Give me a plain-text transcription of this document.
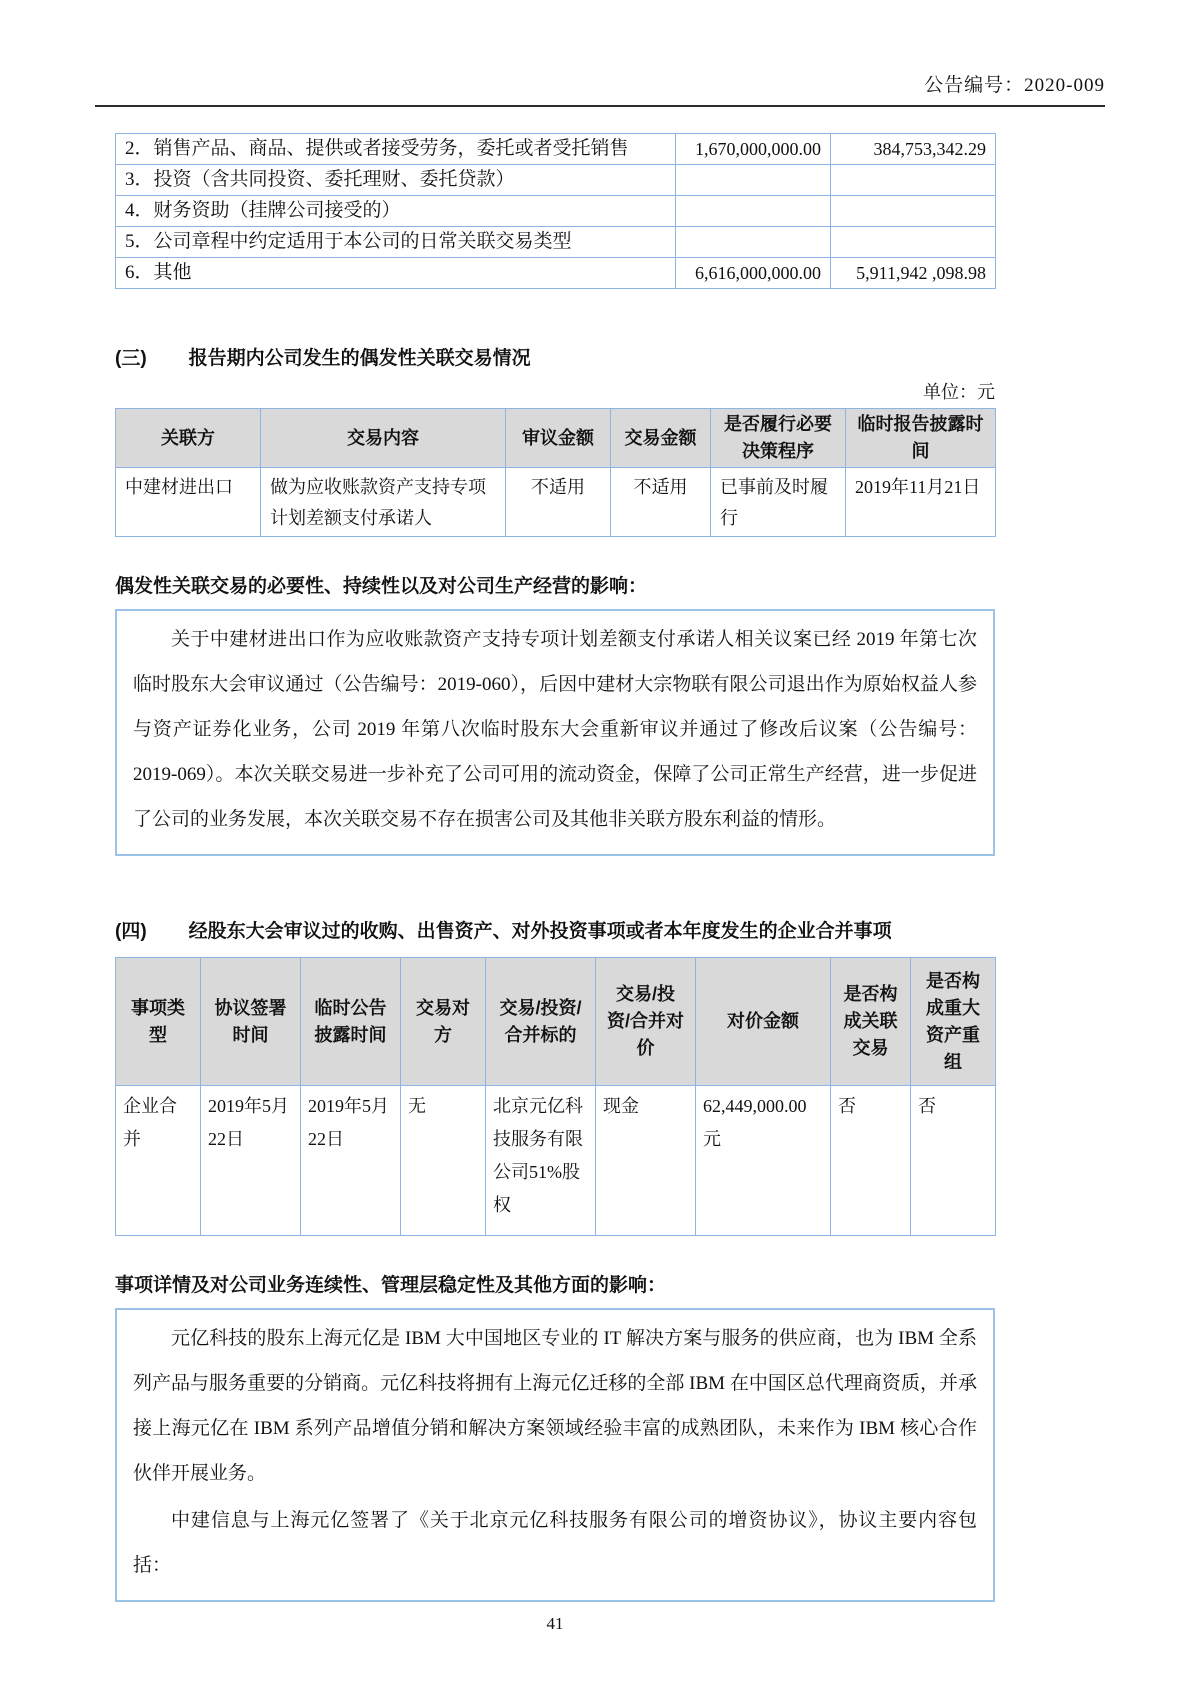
公告编号：2020-009
2．销售产品、商品、提供或者接受劳务，委托或者受托销售	1,670,000,000.00	384,753,342.29
3．投资（含共同投资、委托理财、委托贷款）		
4．财务资助（挂牌公司接受的）		
5．公司章程中约定适用于本公司的日常关联交易类型		
6．其他	6,616,000,000.00	5,911,942 ,098.98
(三) 报告期内公司发生的偶发性关联交易情况
单位：元
关联方	交易内容	审议金额	交易金额	是否履行必要决策程序	临时报告披露时间
中建材进出口	做为应收账款资产支持专项计划差额支付承诺人	不适用	不适用	已事前及时履行	2019年11月21日
偶发性关联交易的必要性、持续性以及对公司生产经营的影响：

关于中建材进出口作为应收账款资产支持专项计划差额支付承诺人相关议案已经 2019 年第七次临时股东大会审议通过（公告编号：2019-060），后因中建材大宗物联有限公司退出作为原始权益人参与资产证券化业务，公司 2019 年第八次临时股东大会重新审议并通过了修改后议案（公告编号：2019-069）。本次关联交易进一步补充了公司可用的流动资金，保障了公司正常生产经营，进一步促进了公司的业务发展，本次关联交易不存在损害公司及其他非关联方股东利益的情形。

(四) 经股东大会审议过的收购、出售资产、对外投资事项或者本年度发生的企业合并事项
事项类型	协议签署时间	临时公告披露时间	交易对方	交易/投资/合并标的	交易/投资/合并对价	对价金额	是否构成关联交易	是否构成重大资产重组
企业合并	2019年5月22日	2019年5月22日	无	北京元亿科技服务有限公司51%股权	现金	62,449,000.00 元	否	否
事项详情及对公司业务连续性、管理层稳定性及其他方面的影响：

元亿科技的股东上海元亿是 IBM 大中国地区专业的 IT 解决方案与服务的供应商，也为 IBM 全系列产品与服务重要的分销商。元亿科技将拥有上海元亿迁移的全部 IBM 在中国区总代理商资质，并承接上海元亿在 IBM 系列产品增值分销和解决方案领域经验丰富的成熟团队，未来作为 IBM 核心合作伙伴开展业务。

中建信息与上海元亿签署了《关于北京元亿科技服务有限公司的增资协议》，协议主要内容包括：

41
